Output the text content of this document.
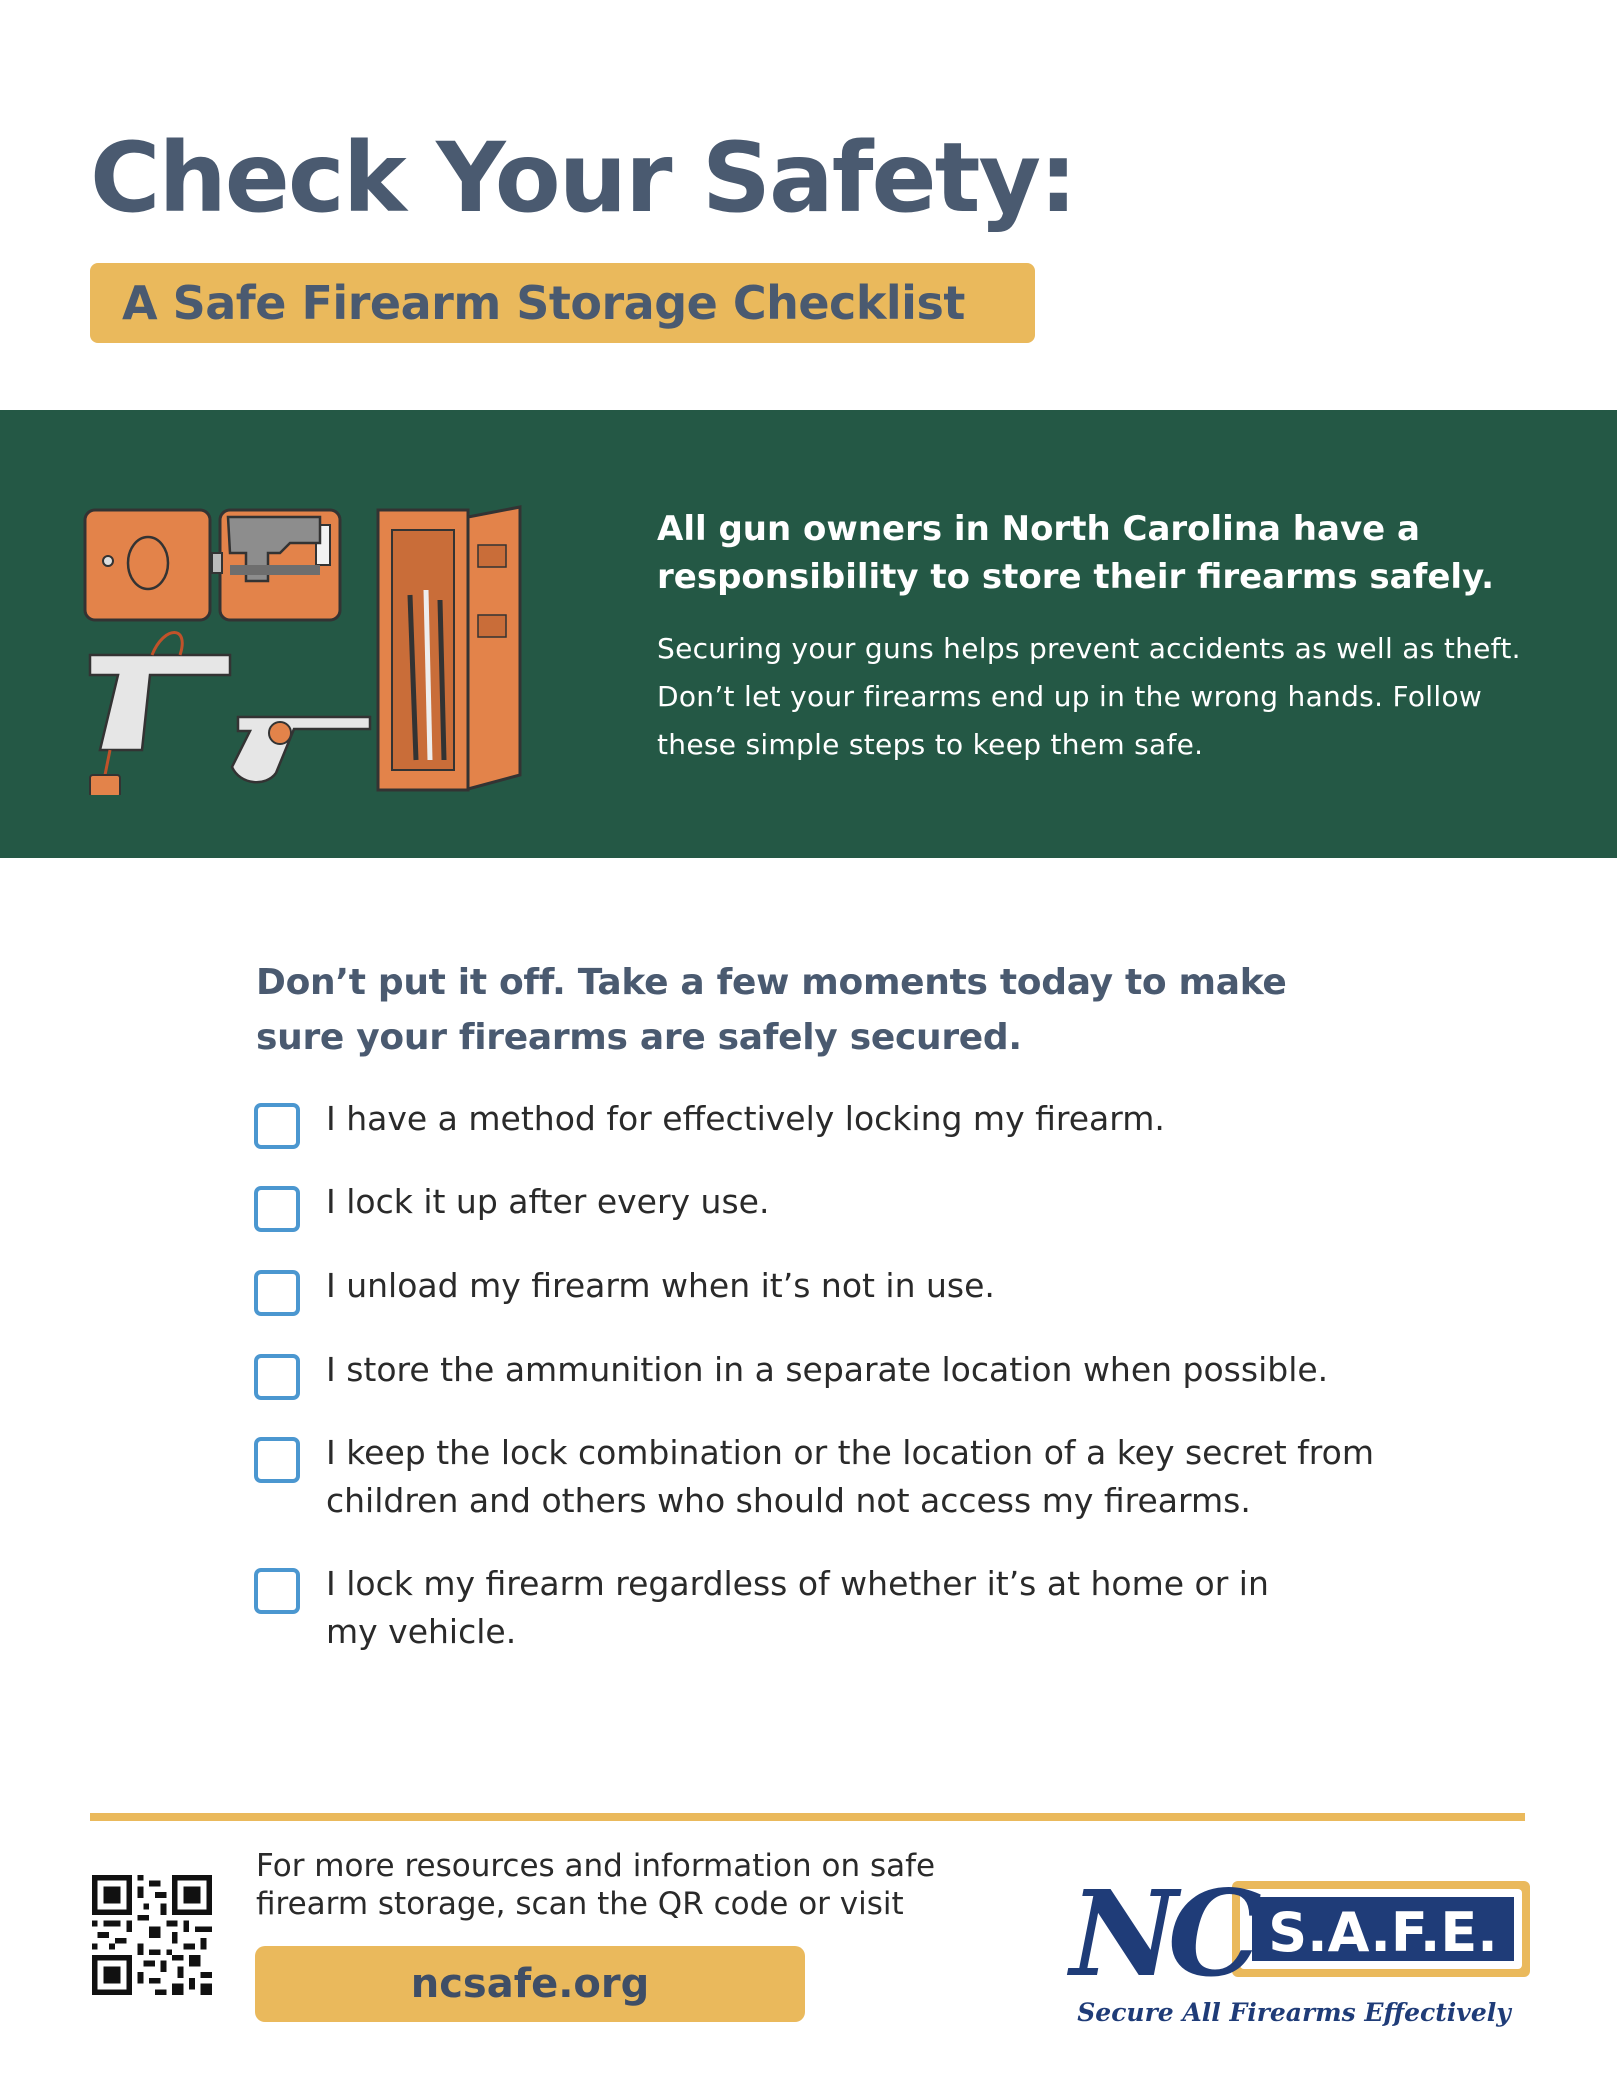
Check Your Safety:
A Safe Firearm Storage Checklist

All gun owners in North Carolina have a responsibility to store their firearms safely.

Securing your guns helps prevent accidents as well as theft. Don’t let your firearms end up in the wrong hands. Follow these simple steps to keep them safe.

Don’t put it off. Take a few moments today to make sure your firearms are safely secured.

I have a method for effectively locking my firearm.
I lock it up after every use.
I unload my firearm when it’s not in use.
I store the ammunition in a separate location when possible.
I keep the lock combination or the location of a key secret from children and others who should not access my firearms.
I lock my firearm regardless of whether it’s at home or in my vehicle.

For more resources and information on safe firearm storage, scan the QR code or visit

ncsafe.org	NC S.A.F.E.
Secure All Firearms Effectively
